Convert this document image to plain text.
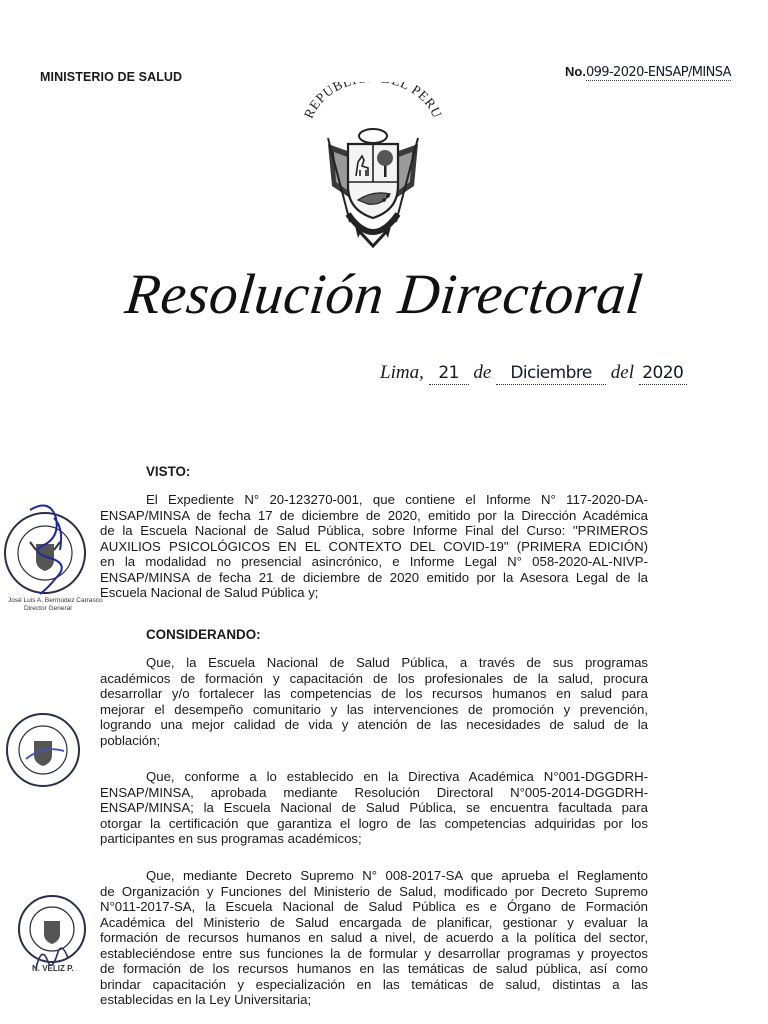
MINISTERIO DE SALUD	No.099-2020-ENSAP/MINSA
REPUB L PERU
Resolución Directoral
Lima, 21 de Diciembre del 2020
VISTO:
El Expediente N° 20-123270-001, que contiene el Informe N° 117-2020-DA-
ENSAP/MINSA de fecha 17 de diciembre de 2020, emitido por la Dirección Académica
de la Escuela Nacional de Salud Pública, sobre Informe Final del Curso: "PRIMEROS
AUXILIOS PSICOLÓGICOS EN EL CONTEXTO DEL COVID-19" (PRIMERA EDICIÓN)
en la modalidad no presencial asincrónico, e Informe Legal N° 058-2020-AL-NIVP-
ENSAP/MINSA de fecha 21 de diciembre de 2020 emitido por la Asesora Legal de la
Escuela Nacional de Salud Pública y;
CONSIDERANDO:
Que, la Escuela Nacional de Salud Pública, a través de sus programas
académicos de formación y capacitación de los profesionales de la salud, procura
desarrollar y/o fortalecer las competencias de los recursos humanos en salud para
mejorar el desempeño comunitario y las intervenciones de promoción y prevención,
logrando una mejor calidad de vida y atención de las necesidades de salud de la
población;
Que, conforme a lo establecido en la Directiva Académica N°001-DGGDRH-
ENSAP/MINSA, aprobada mediante Resolución Directoral N°005-2014-DGGDRH-
ENSAP/MINSA; la Escuela Nacional de Salud Pública, se encuentra facultada para
otorgar la certificación que garantiza el logro de las competencias adquiridas por los
participantes en sus programas académicos;
Que, mediante Decreto Supremo N° 008-2017-SA que aprueba el Reglamento
de Organización y Funciones del Ministerio de Salud, modificado por Decreto Supremo
N°011-2017-SA, la Escuela Nacional de Salud Pública es e Órgano de Formación
Académica del Ministerio de Salud encargada de planificar, gestionar y evaluar la
formación de recursos humanos en salud a nivel, de acuerdo a la política del sector,
estableciéndose entre sus funciones la de formular y desarrollar programas y proyectos
de formación de los recursos humanos en las temáticas de salud pública, así como
brindar capacitación y especialización en las temáticas de salud, distintas a las
establecidas en la Ley Universitaria;
José Luis A. Bermúdez Carrasco
Director General
N. VELIZ P.
